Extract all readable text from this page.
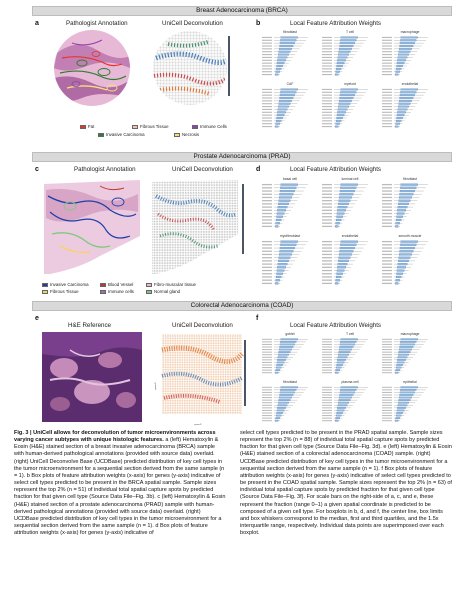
Breast Adenocarcinoma (BRCA)
a	Pathologist Annotation	UniCell Deconvolution	b	Local Feature Attribution Weights
fibroblast	T cell	macrophage
CAF	myeloid	endothelial
Fat	Fibrous Tissue	Immune Cells
Invasive Carcinoma	Necrosis
Prostate Adenocarcinoma (PRAD)
c	Pathologist Annotation	UniCell Deconvolution	d	Local Feature Attribution Weights
basal cell	luminal cell	fibroblast
myofibroblast	endothelial	smooth muscle
Invasive Carcinoma	Blood Vessel	Fibro-muscular tissue
Fibrous Tissue	Immune cells	Normal gland
Colorectal Adenocarcinoma (COAD)
e
H&E Reference	UniCell Deconvolution
spatial1
spatial2
f
Local Feature Attribution Weights
goblet	T cell	macrophage
fibroblast	plasma cell	epithelial
Fig. 3 | UniCell allows for deconvolution of tumor microenvironments across varying cancer subtypes with unique histologic features. a (left) Hematoxylin & Eosin (H&E) stained section of a breast invasive adenocarcinoma (BRCA) sample with human-derived pathological annotations (provided with source data) overlaid. (right) UniCell Deconvolve Base (UCDBase) predicted distribution of key cell types in the tumor microenvironment for a sequential section derived from the same sample (n = 1). b Box plots of feature attribution weights (x-axis) for genes (y-axis) indicative of select cell types predicted to be present in the BRCA spatial sample. Sample sizes represent the top 2% (n = 51) of individual total spatial capture spots by predicted fraction for that given cell type (Source Data File–Fig. 3b). c (left) Hematoxylin & Eosin (H&E) stained section of a prostate adenocarcinoma (PRAD) sample with human-derived pathological annotations (provided with source data) overlaid. (right) UCDBase predicted distribution of key cell types in the tumor microenvironment for a sequential section derived from the same sample (n = 1). d Box plots of feature attribution weights (x-axis) for genes (y-axis) indicative of
select cell types predicted to be present in the PRAD spatial sample. Sample sizes represent the top 2% (n = 88) of individual total spatial capture spots by predicted fraction for that given cell type (Source Data File–Fig. 3d). e (left) Hematoxylin & Eosin (H&E) stained section of a colorectal adenocarcinoma (COAD) sample. (right) UCDBase predicted distribution of key cell types in the tumor microenvironment for a sequential section derived from the same sample (n = 1). f Box plots of feature attribution weights (x-axis) for genes (y-axis) indicative of select cell types predicted to be present in the COAD spatial sample. Sample sizes represent the top 2% (n = 63) of individual total spatial capture spots by predicted fraction for that given cell type (Source Data File–Fig. 3f). For scale bars on the right-side of a, c, and e, these represent the fraction (range 0–1) a given spatial coordinate is predicted to be composed of a given cell type. For boxplots in b, d, and f, the center line, box limits and box whiskers correspond to the median, first and third quartiles, and the 1.5x interquartile range, respectively. Individual data points are superimposed over each boxplot.
